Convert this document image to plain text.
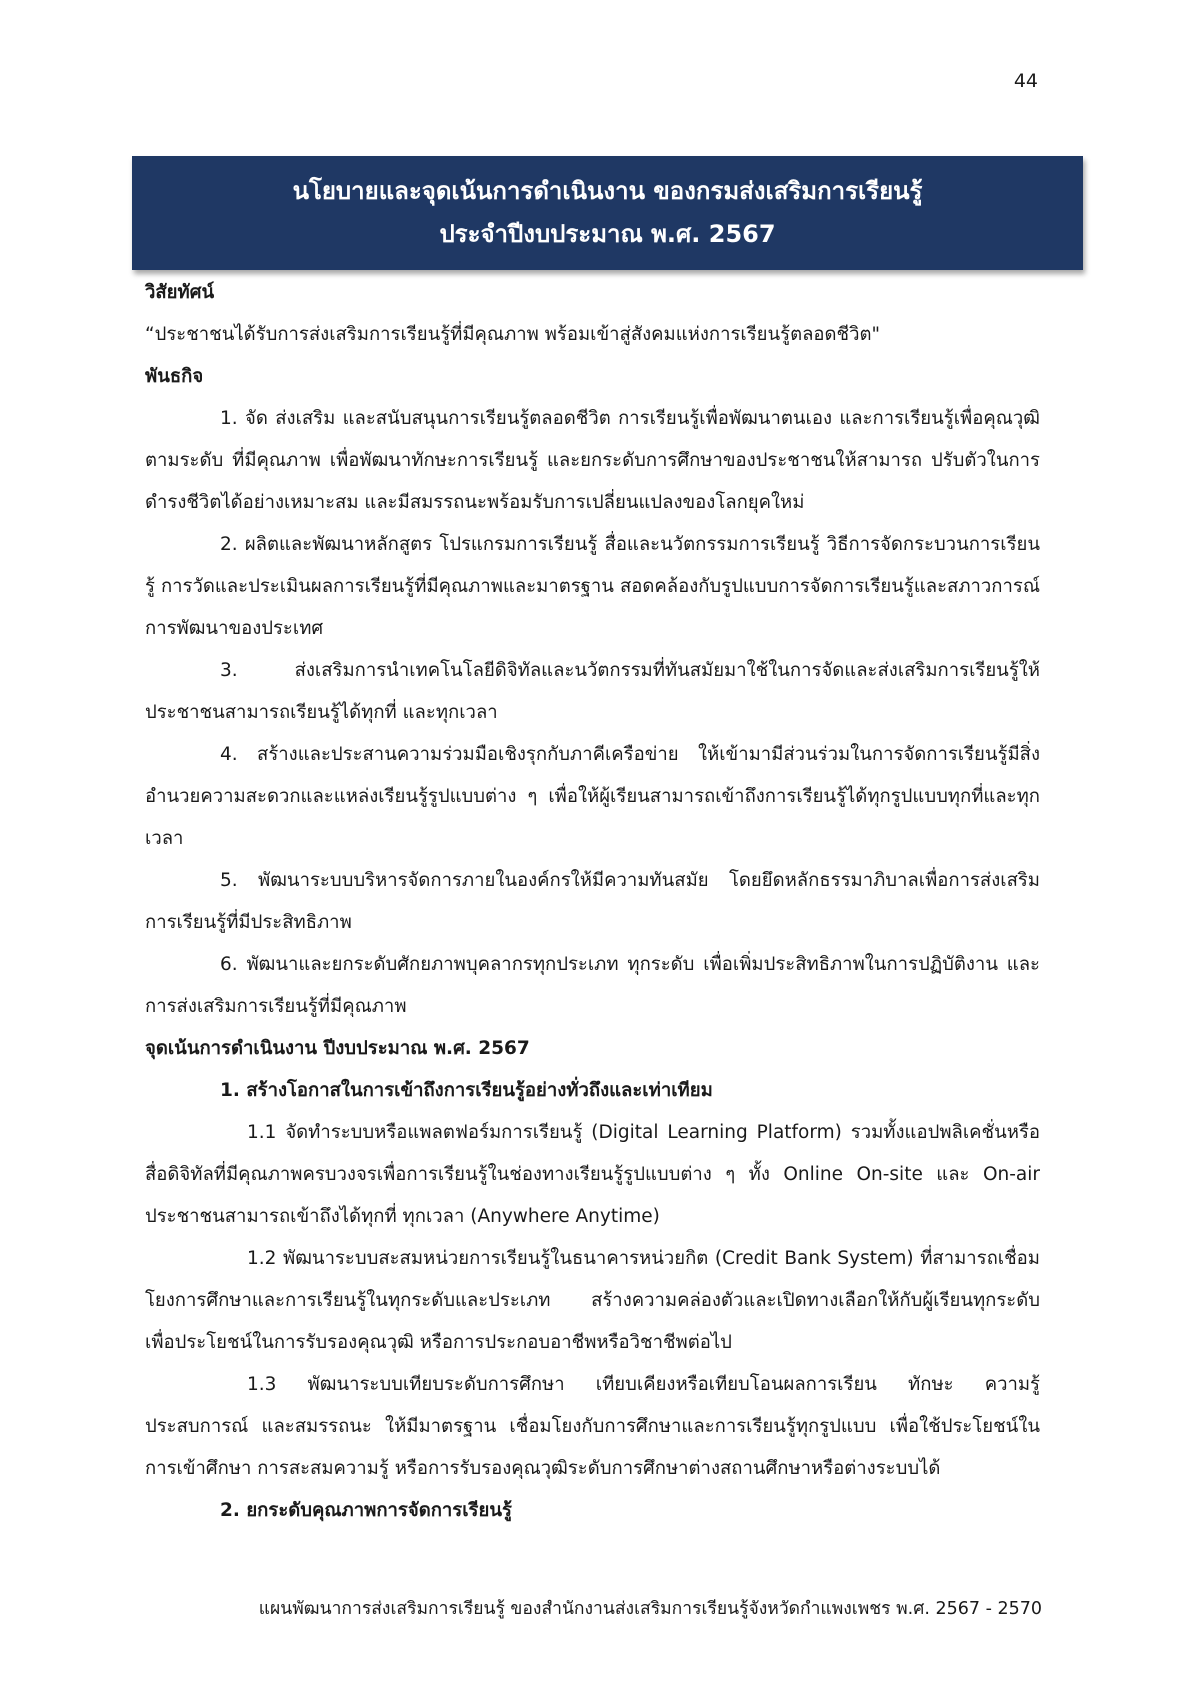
44
นโยบายและจุดเน้นการดำเนินงาน ของกรมส่งเสริมการเรียนรู้
ประจำปีงบประมาณ พ.ศ. 2567

วิสัยทัศน์

“ประชาชนได้รับการส่งเสริมการเรียนรู้ที่มีคุณภาพ พร้อมเข้าสู่สังคมแห่งการเรียนรู้ตลอดชีวิต"

พันธกิจ

1. จัด ส่งเสริม และสนับสนุนการเรียนรู้ตลอดชีวิต การเรียนรู้เพื่อพัฒนาตนเอง และการเรียนรู้เพื่อคุณวุฒิตามระดับ ที่มีคุณภาพ เพื่อพัฒนาทักษะการเรียนรู้ และยกระดับการศึกษาของประชาชนให้สามารถ ปรับตัวในการดำรงชีวิตได้อย่างเหมาะสม และมีสมรรถนะพร้อมรับการเปลี่ยนแปลงของโลกยุคใหม่

2. ผลิตและพัฒนาหลักสูตร โปรแกรมการเรียนรู้ สื่อและนวัตกรรมการเรียนรู้ วิธีการจัดกระบวนการเรียนรู้ การวัดและประเมินผลการเรียนรู้ที่มีคุณภาพและมาตรฐาน สอดคล้องกับรูปแบบการจัดการเรียนรู้และสภาวการณ์การพัฒนาของประเทศ

3. ส่งเสริมการนำเทคโนโลยีดิจิทัลและนวัตกรรมที่ทันสมัยมาใช้ในการจัดและส่งเสริมการเรียนรู้ให้ประชาชนสามารถเรียนรู้ได้ทุกที่ และทุกเวลา

4. สร้างและประสานความร่วมมือเชิงรุกกับภาคีเครือข่าย ให้เข้ามามีส่วนร่วมในการจัดการเรียนรู้มีสิ่งอำนวยความสะดวกและแหล่งเรียนรู้รูปแบบต่าง ๆ เพื่อให้ผู้เรียนสามารถเข้าถึงการเรียนรู้ได้ทุกรูปแบบทุกที่และทุกเวลา

5. พัฒนาระบบบริหารจัดการภายในองค์กรให้มีความทันสมัย โดยยึดหลักธรรมาภิบาลเพื่อการส่งเสริมการเรียนรู้ที่มีประสิทธิภาพ

6. พัฒนาและยกระดับศักยภาพบุคลากรทุกประเภท ทุกระดับ เพื่อเพิ่มประสิทธิภาพในการปฏิบัติงาน และการส่งเสริมการเรียนรู้ที่มีคุณภาพ

จุดเน้นการดำเนินงาน ปีงบประมาณ พ.ศ. 2567

1. สร้างโอกาสในการเข้าถึงการเรียนรู้อย่างทั่วถึงและเท่าเทียม

1.1 จัดทำระบบหรือแพลตฟอร์มการเรียนรู้ (Digital Learning Platform) รวมทั้งแอปพลิเคชั่นหรือสื่อดิจิทัลที่มีคุณภาพครบวงจรเพื่อการเรียนรู้ในช่องทางเรียนรู้รูปแบบต่าง ๆ ทั้ง Online On-site และ On-air ประชาชนสามารถเข้าถึงได้ทุกที่ ทุกเวลา (Anywhere Anytime)

1.2 พัฒนาระบบสะสมหน่วยการเรียนรู้ในธนาคารหน่วยกิต (Credit Bank System) ที่สามารถเชื่อมโยงการศึกษาและการเรียนรู้ในทุกระดับและประเภท สร้างความคล่องตัวและเปิดทางเลือกให้กับผู้เรียนทุกระดับ เพื่อประโยชน์ในการรับรองคุณวุฒิ หรือการประกอบอาชีพหรือวิชาชีพต่อไป

1.3 พัฒนาระบบเทียบระดับการศึกษา เทียบเคียงหรือเทียบโอนผลการเรียน ทักษะ ความรู้ประสบการณ์ และสมรรถนะ ให้มีมาตรฐาน เชื่อมโยงกับการศึกษาและการเรียนรู้ทุกรูปแบบ เพื่อใช้ประโยชน์ในการเข้าศึกษา การสะสมความรู้ หรือการรับรองคุณวุฒิระดับการศึกษาต่างสถานศึกษาหรือต่างระบบได้

2. ยกระดับคุณภาพการจัดการเรียนรู้

แผนพัฒนาการส่งเสริมการเรียนรู้ ของสำนักงานส่งเสริมการเรียนรู้จังหวัดกำแพงเพชร พ.ศ. 2567 - 2570
